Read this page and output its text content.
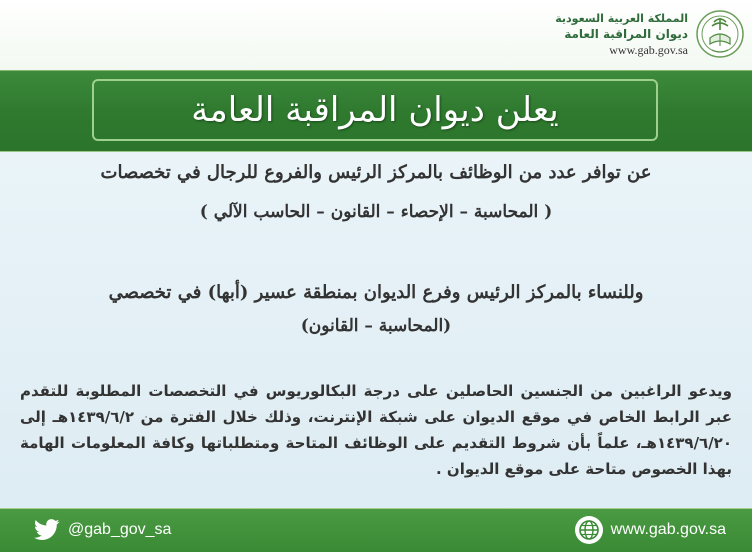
المملكة العربية السعودية
ديوان المراقبة العامة
www.gab.gov.sa
يعلن ديوان المراقبة العامة
عن توافر عدد من الوظائف بالمركز الرئيس والفروع للرجال في تخصصات
( المحاسبة – الإحصاء – القانون – الحاسب الآلي )
وللنساء بالمركز الرئيس وفرع الديوان بمنطقة عسير (أبها) في تخصصي
(المحاسبة – القانون)
ويدعو الراغبين من الجنسين الحاصلين على درجة البكالوريوس في التخصصات المطلوبة للتقدم عبر الرابط الخاص في موقع الديوان على شبكة الإنترنت، وذلك خلال الفترة من ١٤٣٩/٦/٢هـ إلى ١٤٣٩/٦/٢٠هـ، علماً بأن شروط التقديم على الوظائف المتاحة ومتطلباتها وكافة المعلومات الهامة بهذا الخصوص متاحة على موقع الديوان .
@gab_gov_sa	www.gab.gov.sa
